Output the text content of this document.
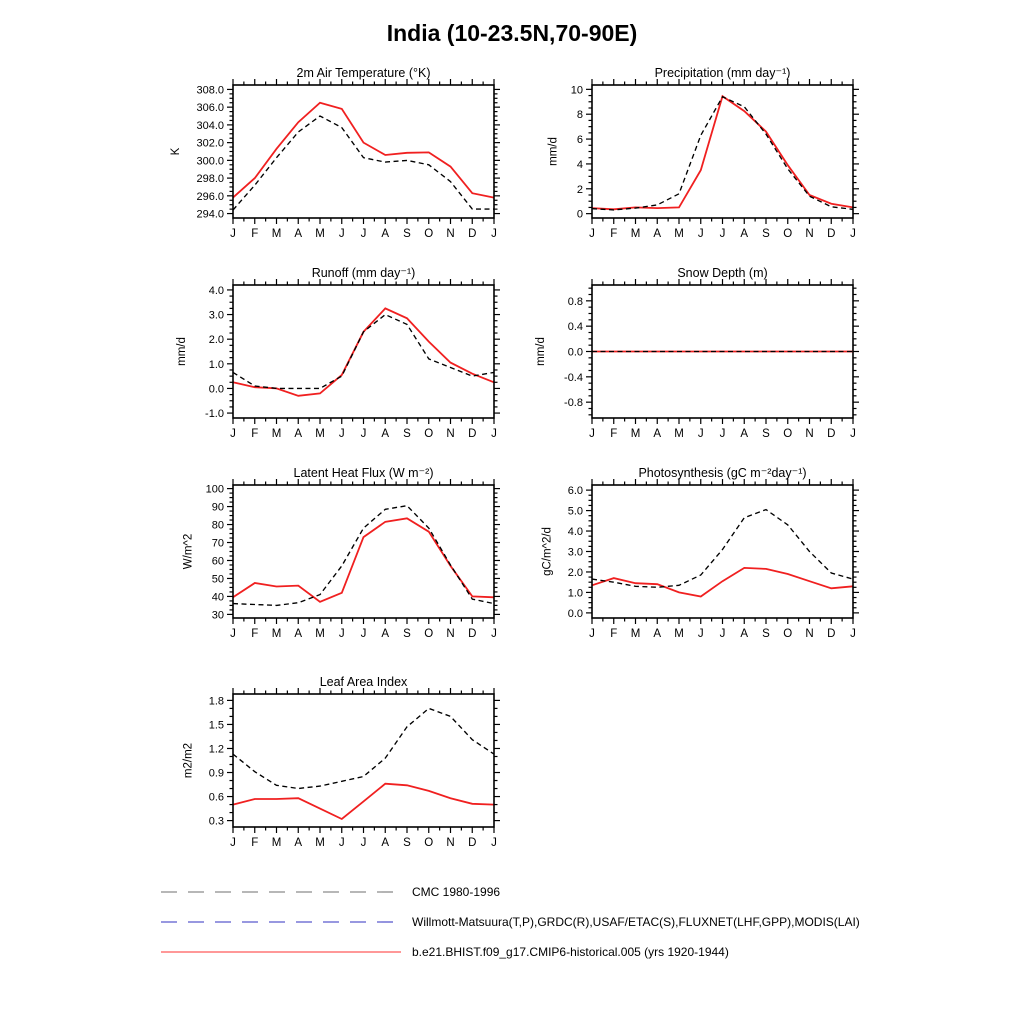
India (10-23.5N,70-90E)
2m Air Temperature (°K)
K
294.0
296.0
298.0
300.0
302.0
304.0
306.0
308.0
J F M A M J J A S O N D J
Precipitation (mm day⁻¹)
mm/d
0
2
4
6
8
10
J F M A M J J A S O N D J
Runoff (mm day⁻¹)
mm/d
-1.0
0.0
1.0
2.0
3.0
4.0
J F M A M J J A S O N D J
Snow Depth (m)
mm/d
-0.8
-0.4
0.0
0.4
0.8
J F M A M J J A S O N D J
Latent Heat Flux (W m⁻²)
W/m^2
30
40
50
60
70
80
90
100
J F M A M J J A S O N D J
Photosynthesis (gC m⁻²day⁻¹)
gC/m^2/d
0.0
1.0
2.0
3.0
4.0
5.0
6.0
J F M A M J J A S O N D J
Leaf Area Index
m2/m2
0.3
0.6
0.9
1.2
1.5
1.8
J F M A M J J A S O N D J
CMC 1980-1996
Willmott-Matsuura(T,P),GRDC(R),USAF/ETAC(S),FLUXNET(LHF,GPP),MODIS(LAI)
b.e21.BHIST.f09_g17.CMIP6-historical.005 (yrs 1920-1944)
